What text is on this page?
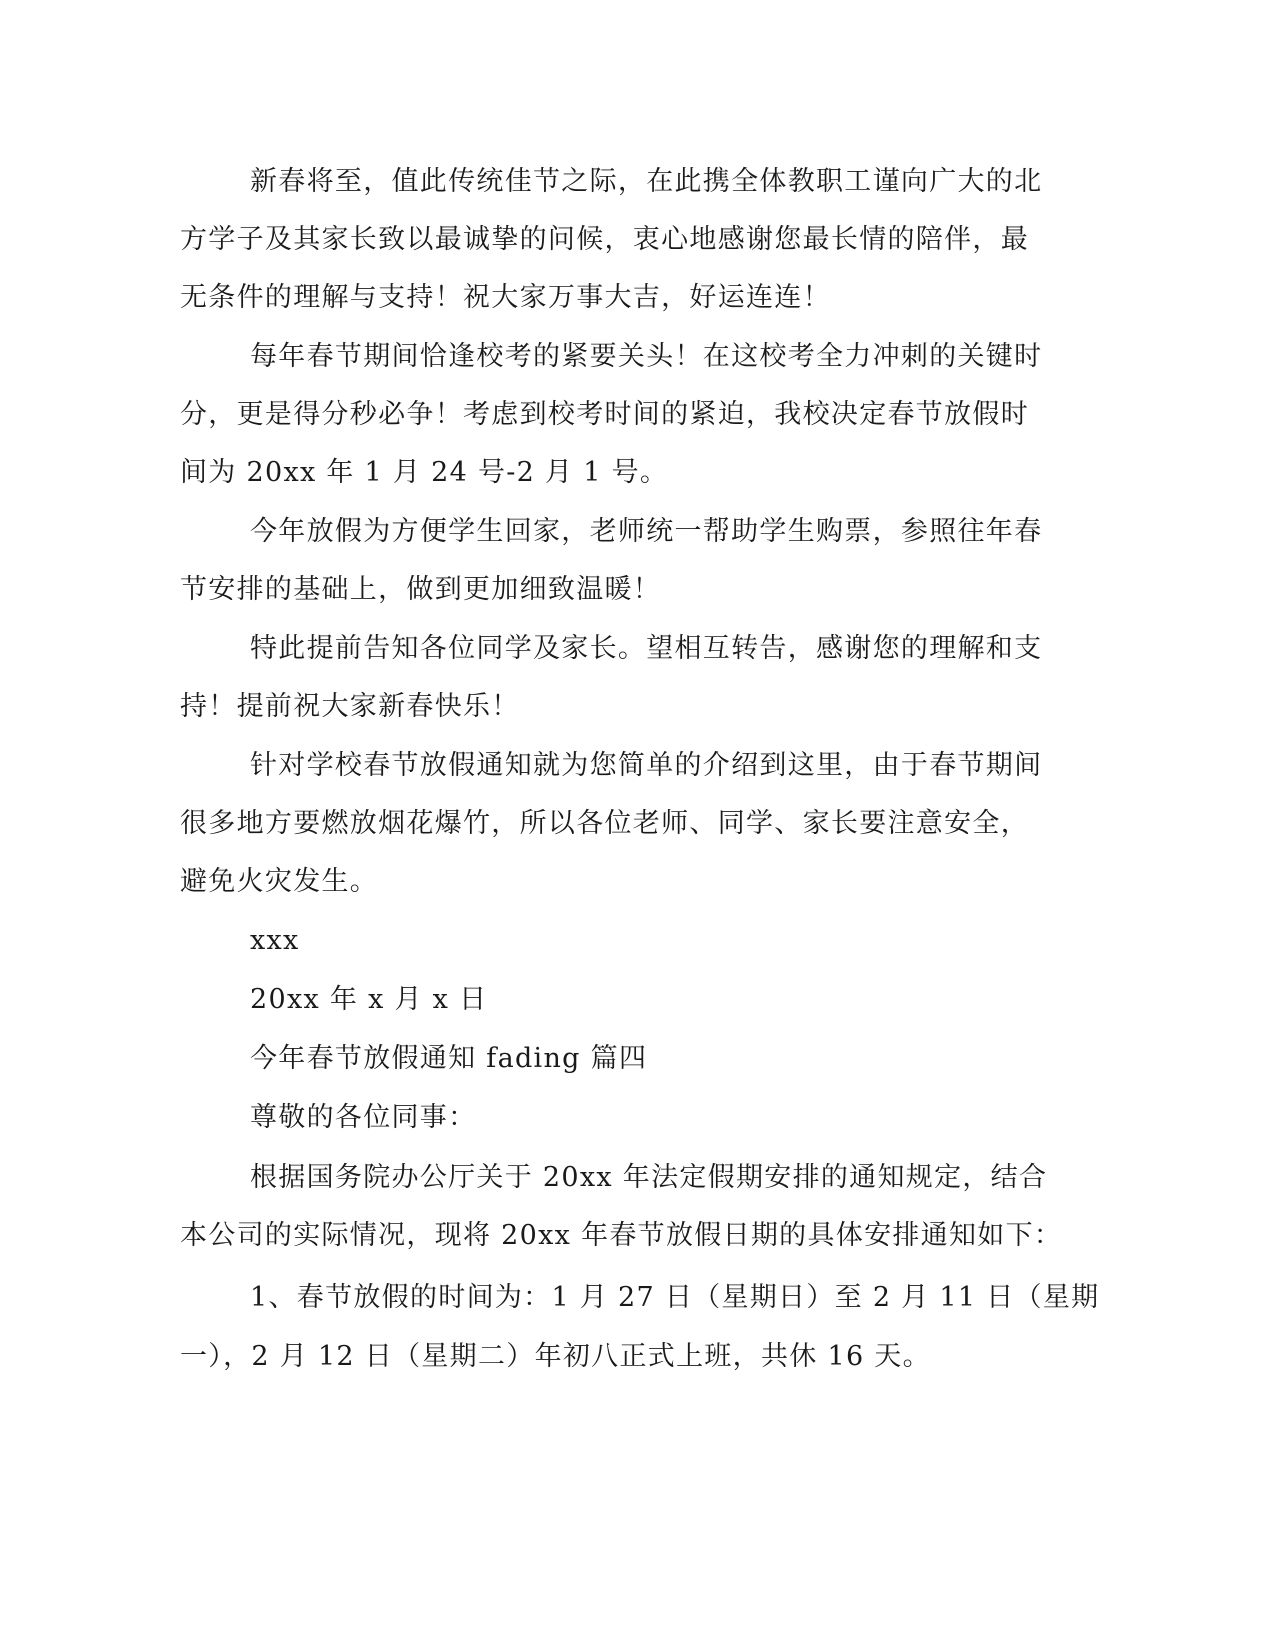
新春将至，值此传统佳节之际，在此携全体教职工谨向广大的北
方学子及其家长致以最诚挚的问候，衷心地感谢您最长情的陪伴，最
无条件的理解与支持！祝大家万事大吉，好运连连！
每年春节期间恰逢校考的紧要关头！在这校考全力冲刺的关键时
分，更是得分秒必争！考虑到校考时间的紧迫，我校决定春节放假时
间为 20xx 年 1 月 24 号-2 月 1 号。
今年放假为方便学生回家，老师统一帮助学生购票，参照往年春
节安排的基础上，做到更加细致温暖！
特此提前告知各位同学及家长。望相互转告，感谢您的理解和支
持！提前祝大家新春快乐！
针对学校春节放假通知就为您简单的介绍到这里，由于春节期间
很多地方要燃放烟花爆竹，所以各位老师、同学、家长要注意安全，
避免火灾发生。
xxx
20xx 年 x 月 x 日
今年春节放假通知 fading 篇四
尊敬的各位同事：
根据国务院办公厅关于 20xx 年法定假期安排的通知规定，结合
本公司的实际情况，现将 20xx 年春节放假日期的具体安排通知如下：
1、春节放假的时间为：1 月 27 日（星期日）至 2 月 11 日（星期
一），2 月 12 日（星期二）年初八正式上班，共休 16 天。
